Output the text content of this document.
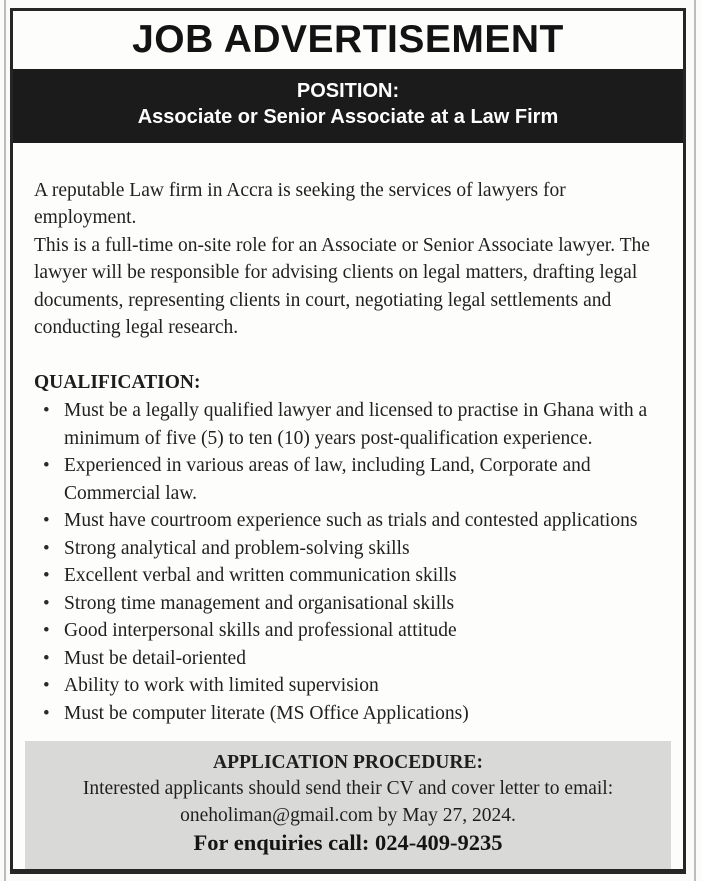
JOB ADVERTISEMENT
POSITION:
Associate or Senior Associate at a Law Firm

A reputable Law firm in Accra is seeking the services of lawyers for employment.

This is a full-time on-site role for an Associate or Senior Associate lawyer. The lawyer will be responsible for advising clients on legal matters, drafting legal documents, representing clients in court, negotiating legal settlements and conducting legal research.

QUALIFICATION:
• Must be a legally qualified lawyer and licensed to practise in Ghana with a minimum of five (5) to ten (10) years post-qualification experience.
• Experienced in various areas of law, including Land, Corporate and Commercial law.
• Must have courtroom experience such as trials and contested applications
• Strong analytical and problem-solving skills
• Excellent verbal and written communication skills
• Strong time management and organisational skills
• Good interpersonal skills and professional attitude
• Must be detail-oriented
• Ability to work with limited supervision
• Must be computer literate (MS Office Applications)
APPLICATION PROCEDURE:
Interested applicants should send their CV and cover letter to email:
oneholiman@gmail.com by May 27, 2024.
For enquiries call: 024-409-9235
